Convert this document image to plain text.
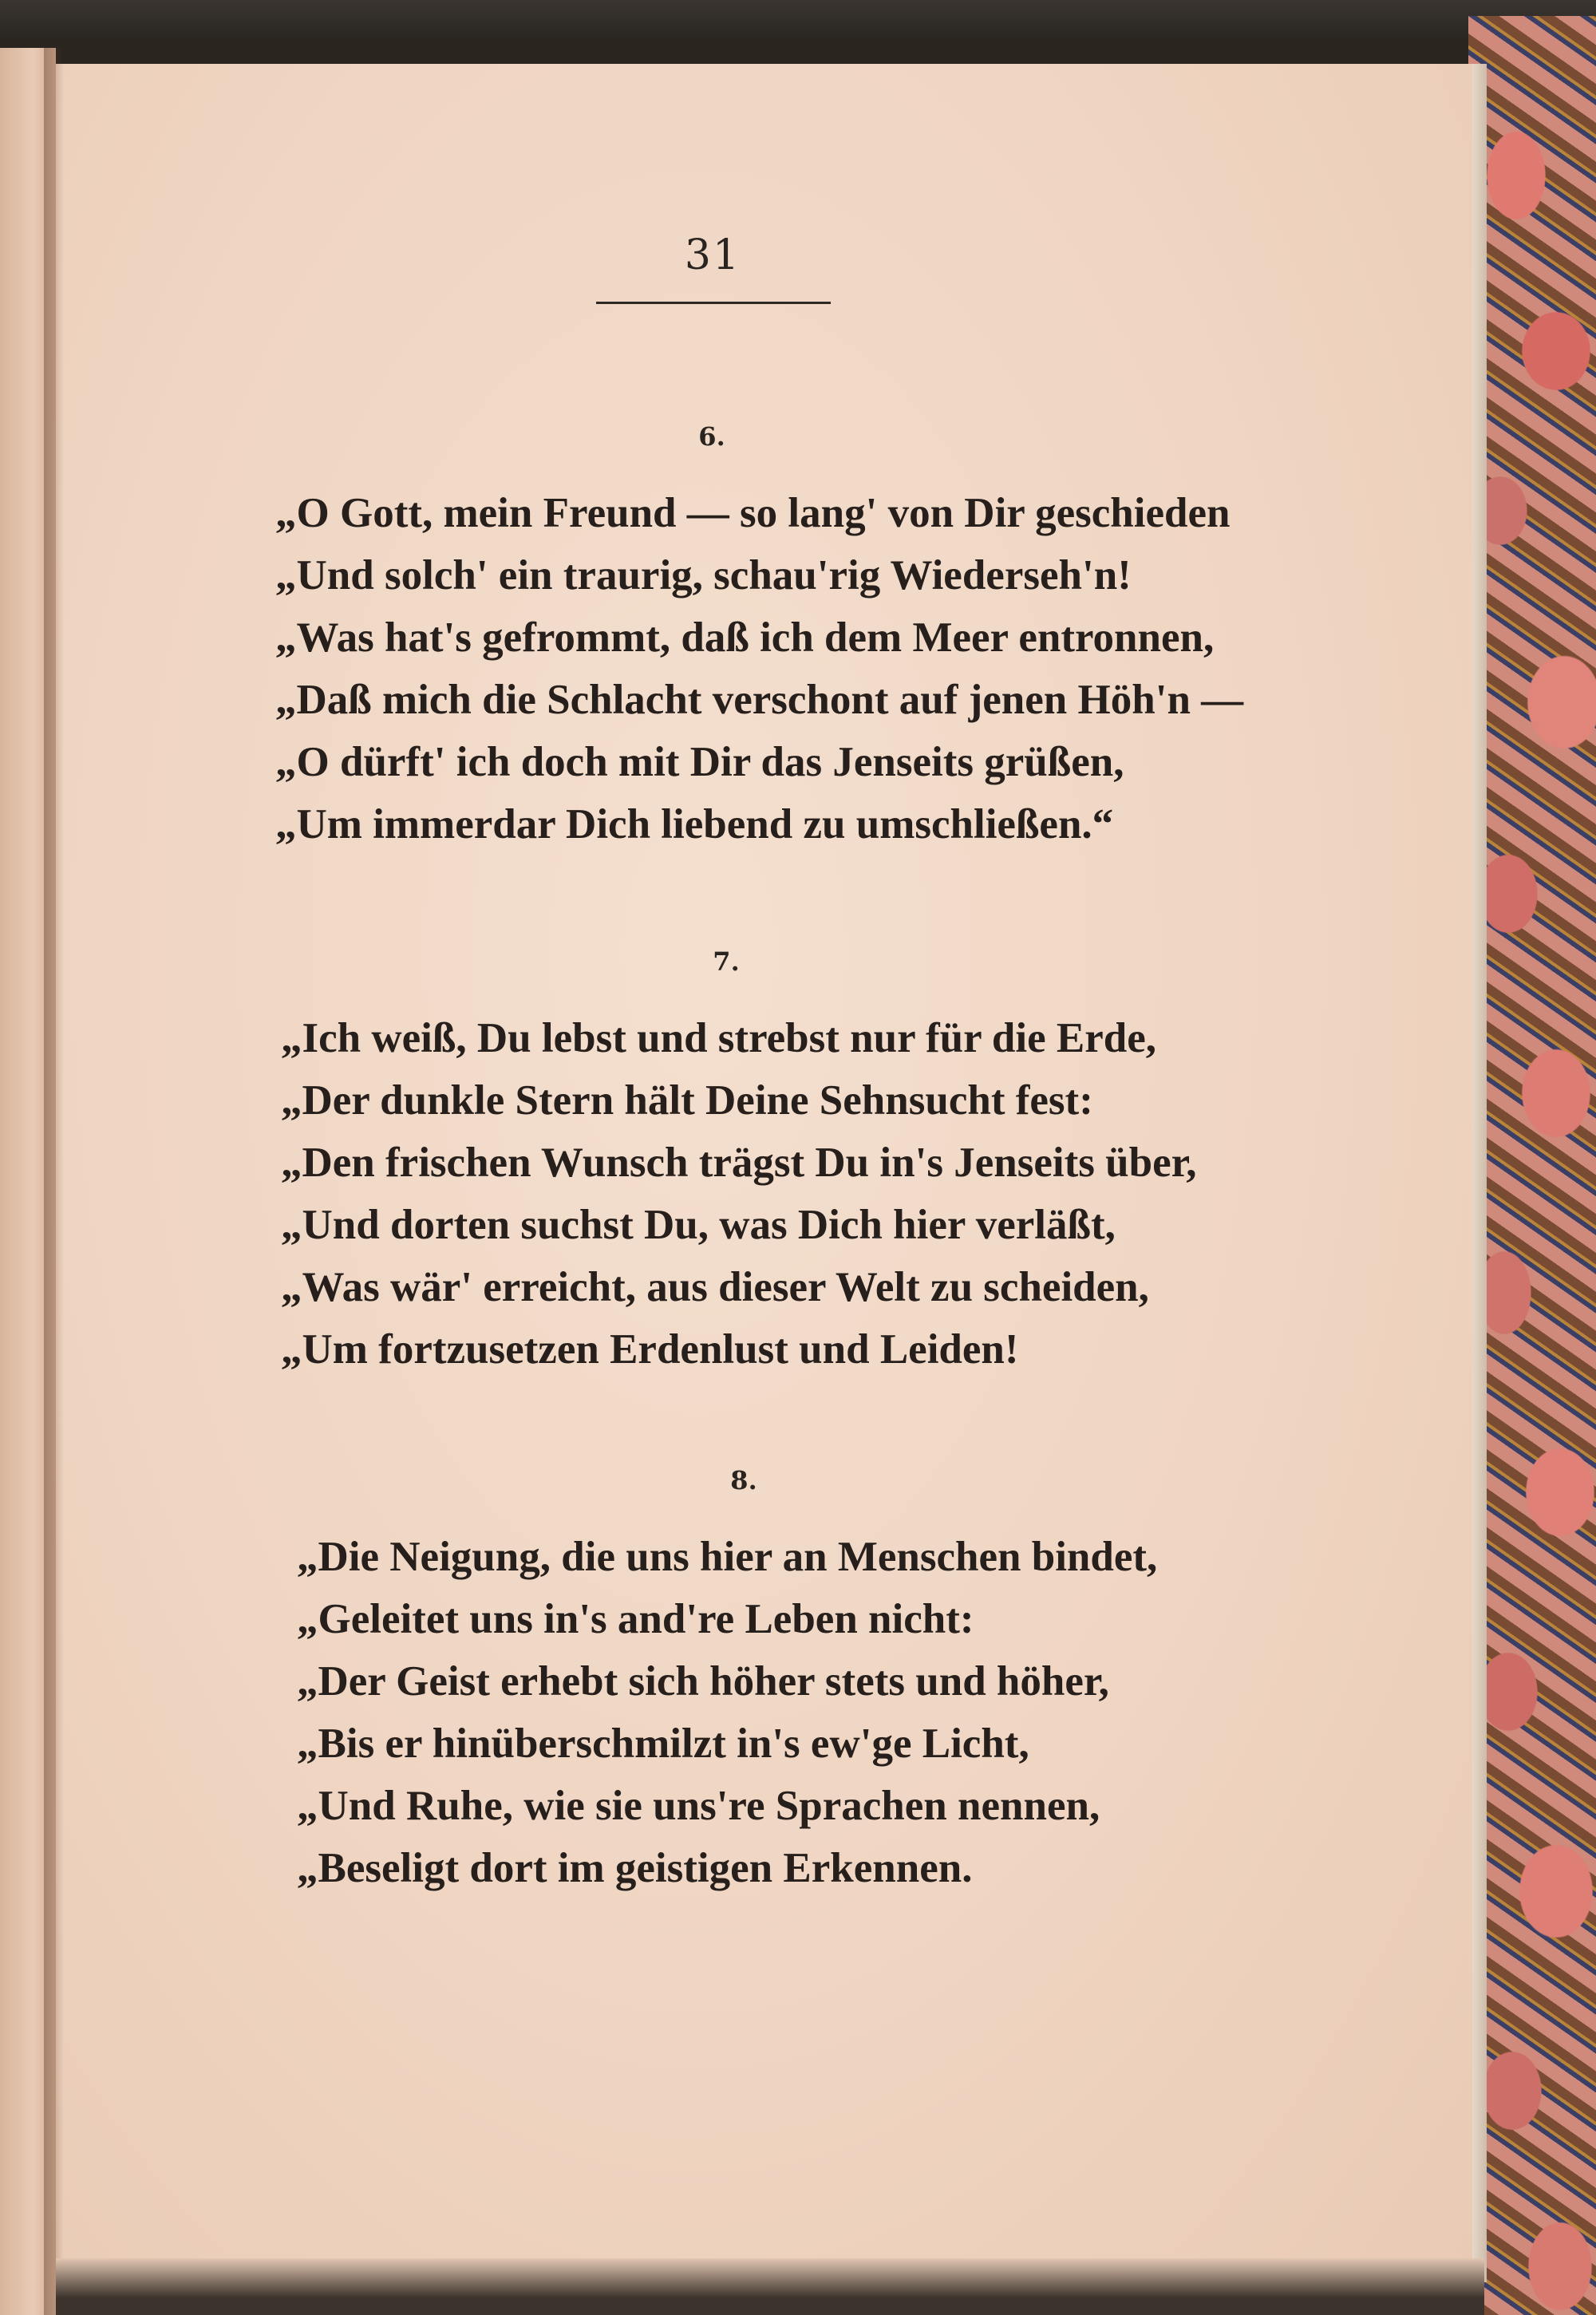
31
6.
„O Gott, mein Freund — so lang' von Dir geschieden
„Und solch' ein traurig, schau'rig Wiederseh'n!
„Was hat's gefrommt, daß ich dem Meer entronnen,
„Daß mich die Schlacht verschont auf jenen Höh'n —
„O dürft' ich doch mit Dir das Jenseits grüßen,
„Um immerdar Dich liebend zu umschließen.“
7.
„Ich weiß, Du lebst und strebst nur für die Erde,
„Der dunkle Stern hält Deine Sehnsucht fest:
„Den frischen Wunsch trägst Du in's Jenseits über,
„Und dorten suchst Du, was Dich hier verläßt,
„Was wär' erreicht, aus dieser Welt zu scheiden,
„Um fortzusetzen Erdenlust und Leiden!
8.
„Die Neigung, die uns hier an Menschen bindet,
„Geleitet uns in's and're Leben nicht:
„Der Geist erhebt sich höher stets und höher,
„Bis er hinüberschmilzt in's ew'ge Licht,
„Und Ruhe, wie sie uns're Sprachen nennen,
„Beseligt dort im geistigen Erkennen.
